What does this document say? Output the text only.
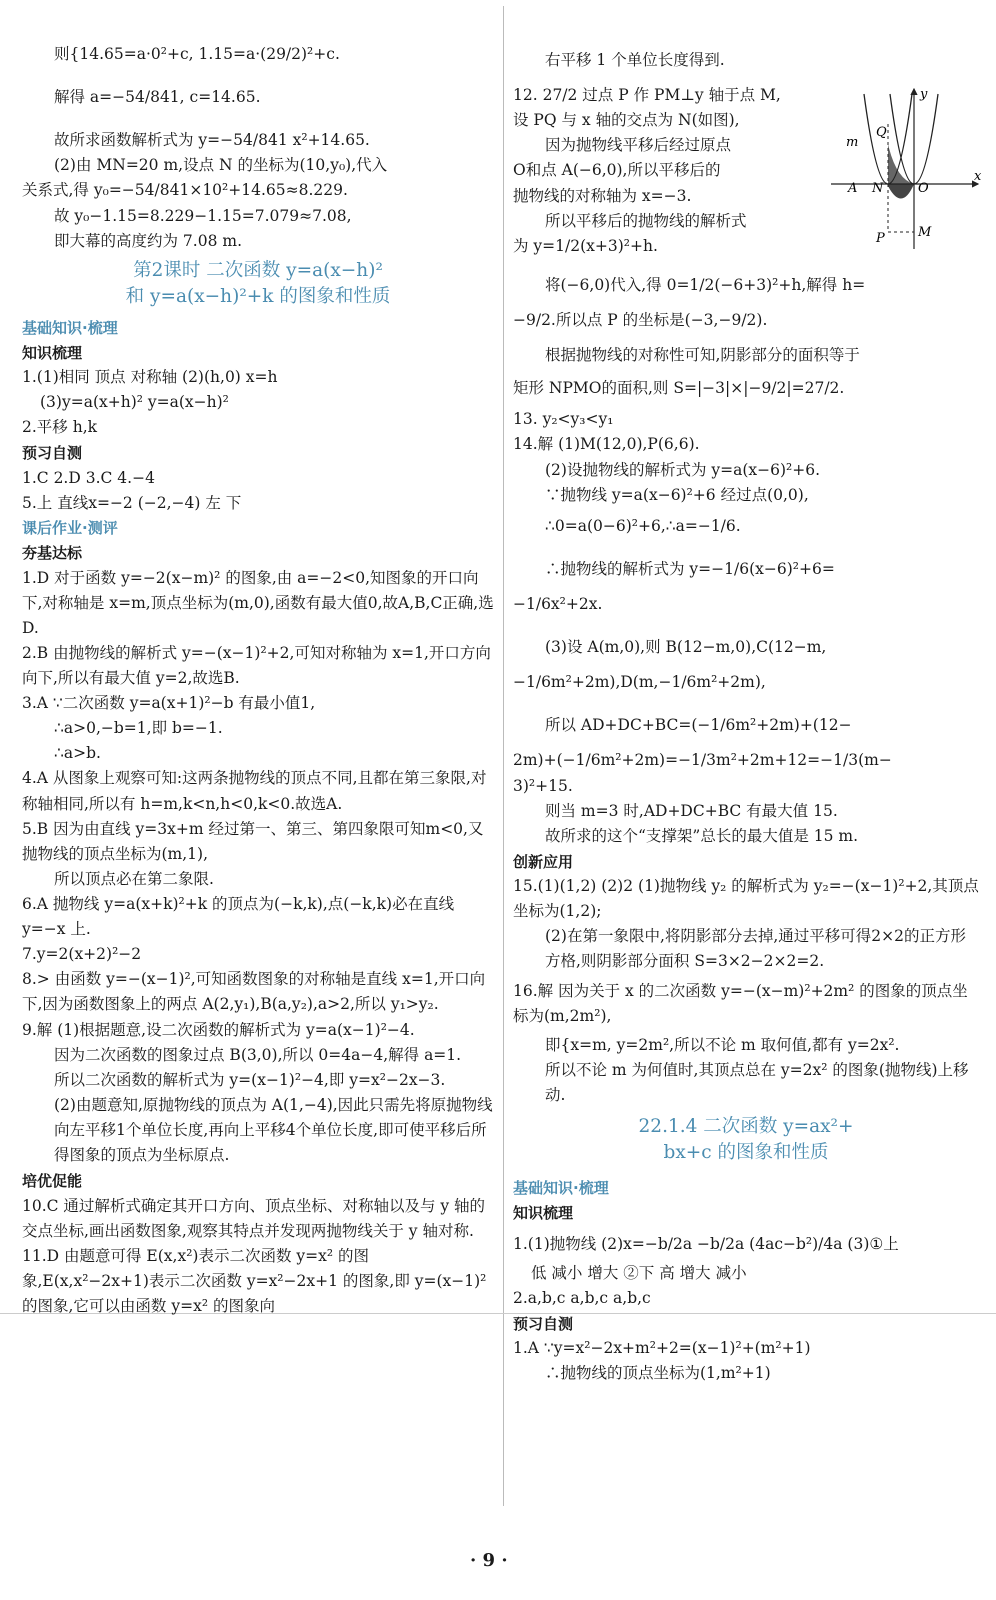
则{14.65=a·0²+c, 1.15=a·(29/2)²+c.

解得 a=−54/841, c=14.65.

故所求函数解析式为 y=−54/841 x²+14.65.

(2)由 MN=20 m,设点 N 的坐标为(10,y₀),代入

关系式,得 y₀=−54/841×10²+14.65≈8.229.

故 y₀−1.15=8.229−1.15=7.079≈7.08,

即大幕的高度约为 7.08 m.

第2课时 二次函数 y=a(x−h)²
和 y=a(x−h)²+k 的图象和性质

基础知识·梳理

知识梳理

1.(1)相同 顶点 对称轴 (2)(h,0) x=h

(3)y=a(x+h)² y=a(x−h)²

2.平移 h,k

预习自测

1.C 2.D 3.C 4.−4

5.上 直线x=−2 (−2,−4) 左 下

课后作业·测评

夯基达标

1.D 对于函数 y=−2(x−m)² 的图象,由 a=−2<0,知图象的开口向下,对称轴是 x=m,顶点坐标为(m,0),函数有最大值0,故A,B,C正确,选D.

2.B 由抛物线的解析式 y=−(x−1)²+2,可知对称轴为 x=1,开口方向向下,所以有最大值 y=2,故选B.

3.A ∵二次函数 y=a(x+1)²−b 有最小值1,

∴a>0,−b=1,即 b=−1.

∴a>b.

4.A 从图象上观察可知:这两条抛物线的顶点不同,且都在第三象限,对称轴相同,所以有 h=m,k<n,h<0,k<0.故选A.

5.B 因为由直线 y=3x+m 经过第一、第三、第四象限可知m<0,又抛物线的顶点坐标为(m,1),

所以顶点必在第二象限.

6.A 抛物线 y=a(x+k)²+k 的顶点为(−k,k),点(−k,k)必在直线 y=−x 上.

7.y=2(x+2)²−2

8.> 由函数 y=−(x−1)²,可知函数图象的对称轴是直线 x=1,开口向下,因为函数图象上的两点 A(2,y₁),B(a,y₂),a>2,所以 y₁>y₂.

9.解 (1)根据题意,设二次函数的解析式为 y=a(x−1)²−4.

因为二次函数的图象过点 B(3,0),所以 0=4a−4,解得 a=1.

所以二次函数的解析式为 y=(x−1)²−4,即 y=x²−2x−3.

(2)由题意知,原抛物线的顶点为 A(1,−4),因此只需先将原抛物线向左平移1个单位长度,再向上平移4个单位长度,即可使平移后所得图象的顶点为坐标原点.

培优促能

10.C 通过解析式确定其开口方向、顶点坐标、对称轴以及与 y 轴的交点坐标,画出函数图象,观察其特点并发现两抛物线关于 y 轴对称.

11.D 由题意可得 E(x,x²)表示二次函数 y=x² 的图象,E(x,x²−2x+1)表示二次函数 y=x²−2x+1 的图象,即 y=(x−1)² 的图象,它可以由函数 y=x² 的图象向

右平移 1 个单位长度得到.

12. 27/2 过点 P 作 PM⊥y 轴于点 M,

设 PQ 与 x 轴的交点为 N(如图),

因为抛物线平移后经过原点

O和点 A(−6,0),所以平移后的

抛物线的对称轴为 x=−3.

所以平移后的抛物线的解析式

为 y=1/2(x+3)²+h.

将(−6,0)代入,得 0=1/2(−6+3)²+h,解得 h=

−9/2.所以点 P 的坐标是(−3,−9/2).

根据抛物线的对称性可知,阴影部分的面积等于

矩形 NPMO的面积,则 S=|−3|×|−9/2|=27/2.

13. y₂<y₃<y₁

14.解 (1)M(12,0),P(6,6).

(2)设抛物线的解析式为 y=a(x−6)²+6.

∵抛物线 y=a(x−6)²+6 经过点(0,0),

∴0=a(0−6)²+6,∴a=−1/6.

∴抛物线的解析式为 y=−1/6(x−6)²+6=

−1/6x²+2x.

(3)设 A(m,0),则 B(12−m,0),C(12−m,

−1/6m²+2m),D(m,−1/6m²+2m),

所以 AD+DC+BC=(−1/6m²+2m)+(12−

2m)+(−1/6m²+2m)=−1/3m²+2m+12=−1/3(m−

3)²+15.

则当 m=3 时,AD+DC+BC 有最大值 15.

故所求的这个“支撑架”总长的最大值是 15 m.

创新应用

15.(1)(1,2) (2)2 (1)抛物线 y₂ 的解析式为 y₂=−(x−1)²+2,其顶点坐标为(1,2);

(2)在第一象限中,将阴影部分去掉,通过平移可得2×2的正方形方格,则阴影部分面积 S=3×2−2×2=2.

16.解 因为关于 x 的二次函数 y=−(x−m)²+2m² 的图象的顶点坐标为(m,2m²),

即{x=m, y=2m²,所以不论 m 取何值,都有 y=2x².

所以不论 m 为何值时,其顶点总在 y=2x² 的图象(抛物线)上移动.

22.1.4 二次函数 y=ax²+
bx+c 的图象和性质

基础知识·梳理

知识梳理

1.(1)抛物线 (2)x=−b/2a −b/2a (4ac−b²)/4a (3)①上

低 减小 增大 ②下 高 增大 减小

2.a,b,c a,b,c a,b,c

预习自测

1.A ∵y=x²−2x+m²+2=(x−1)²+(m²+1)

∴抛物线的顶点坐标为(1,m²+1)

y
Q
m
A N	O
x
P	M
· 9 ·
